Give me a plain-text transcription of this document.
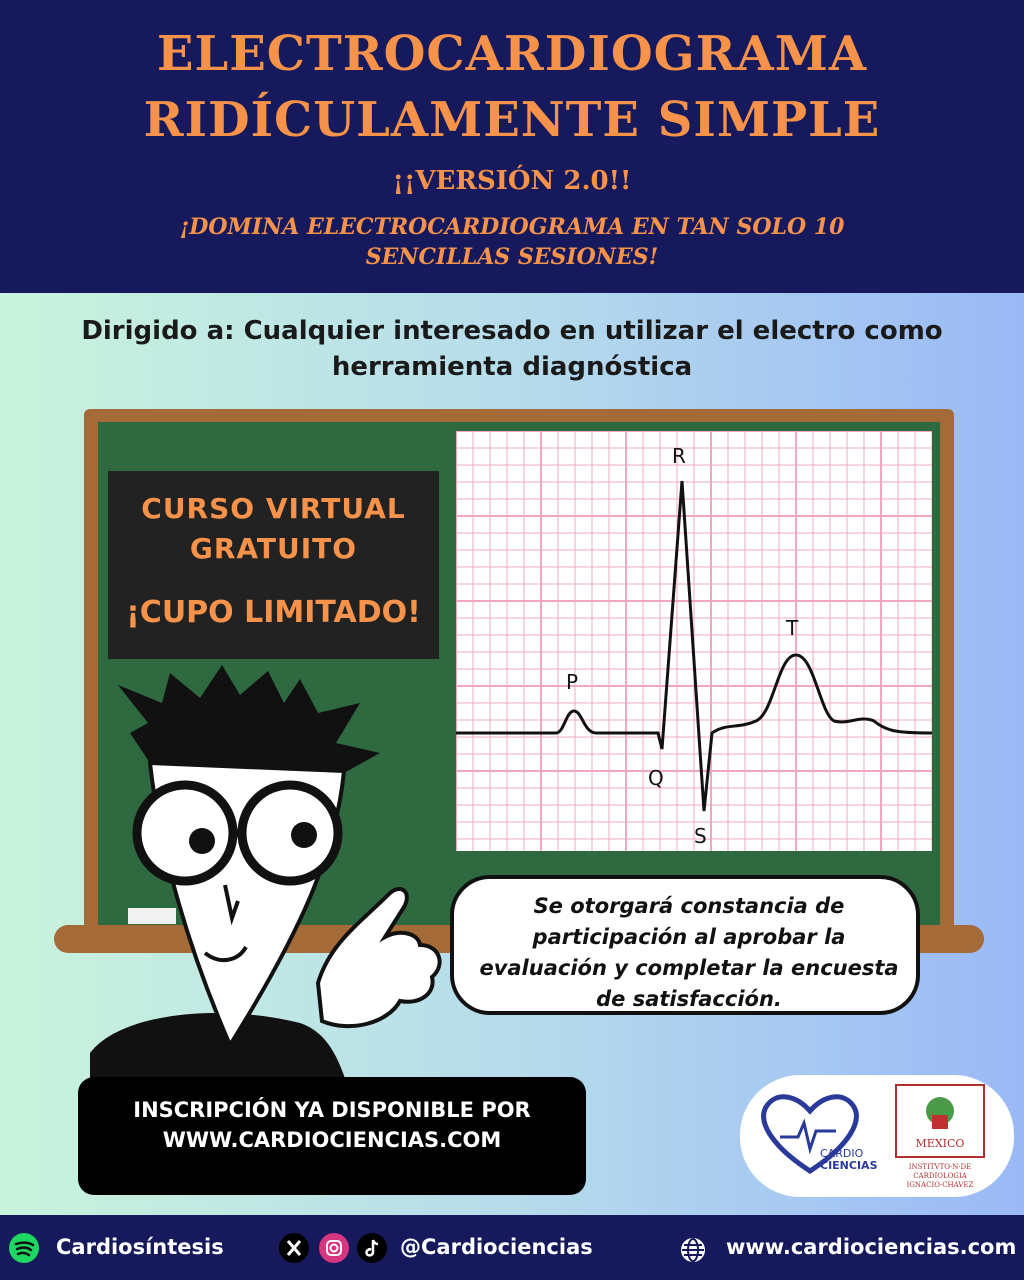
ELECTROCARDIOGRAMA
RIDÍCULAMENTE SIMPLE
¡¡VERSIÓN 2.0!!
¡DOMINA ELECTROCARDIOGRAMA EN TAN SOLO 10 SENCILLAS SESIONES!
Dirigido a: Cualquier interesado en utilizar el electro como herramienta diagnóstica
CURSO VIRTUAL GRATUITO
¡CUPO LIMITADO!
R
P
Q
S
T
Se otorgará constancia de participación al aprobar la evaluación y completar la encuesta de satisfacción.
INSCRIPCIÓN YA DISPONIBLE POR WWW.CARDIOCIENCIAS.COM
CARDIO
CIENCIAS
MEXICO
INSTITVTO·N·DE
CARDIOLOGIA
IGNACIO·CHAVEZ
Cardiosíntesis	@Cardiociencias	www.cardiociencias.com
